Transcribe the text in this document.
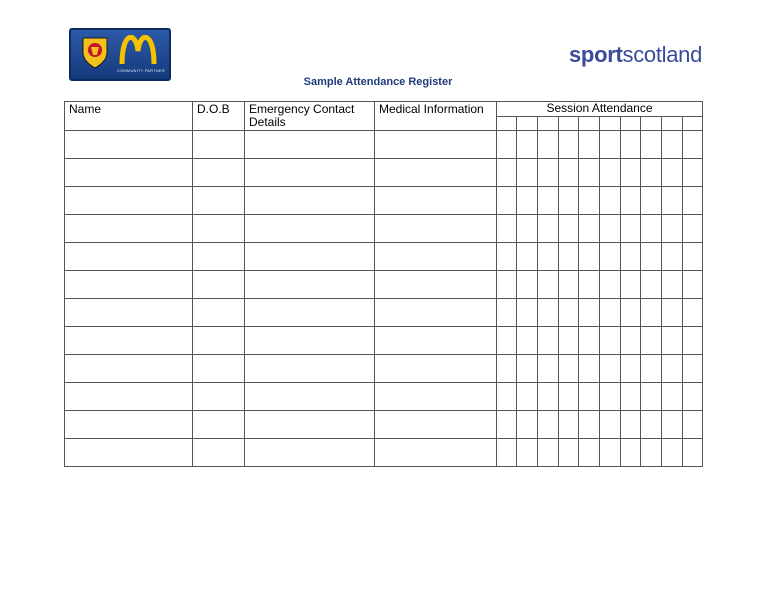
COMMUNITY PARTNER
sportscotland
Sample Attendance Register
Name	D.O.B	Emergency Contact Details	Medical Information	Session Attendance									
